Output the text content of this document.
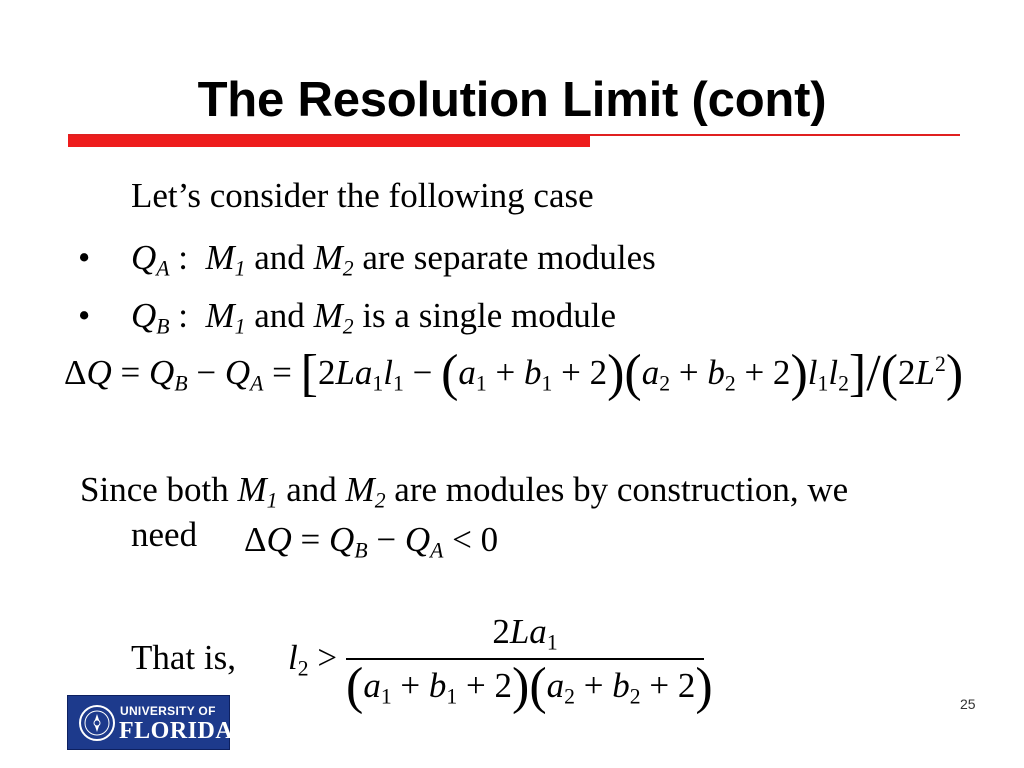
The Resolution Limit (cont)
Let’s consider the following case
• $Q_A$ :  $M_1$ and $M_2$ are separate modules
• $Q_B$ :  $M_1$ and $M_2$ is a single module
$\Delta Q = Q_B - Q_A = [2La_1l_1 - (a_1 + b_1 + 2)(a_2 + b_2 + 2)l_1l_2]/(2L^2)$
Since both $M_1$ and $M_2$ are modules by construction, we
need $\Delta Q = Q_B - Q_A < 0$
That is, $l_2$ >
$2La_1$
$(a_1 + b_1 + 2)(a_2 + b_2 + 2)$
UNIVERSITY OF
FLORIDA
25
